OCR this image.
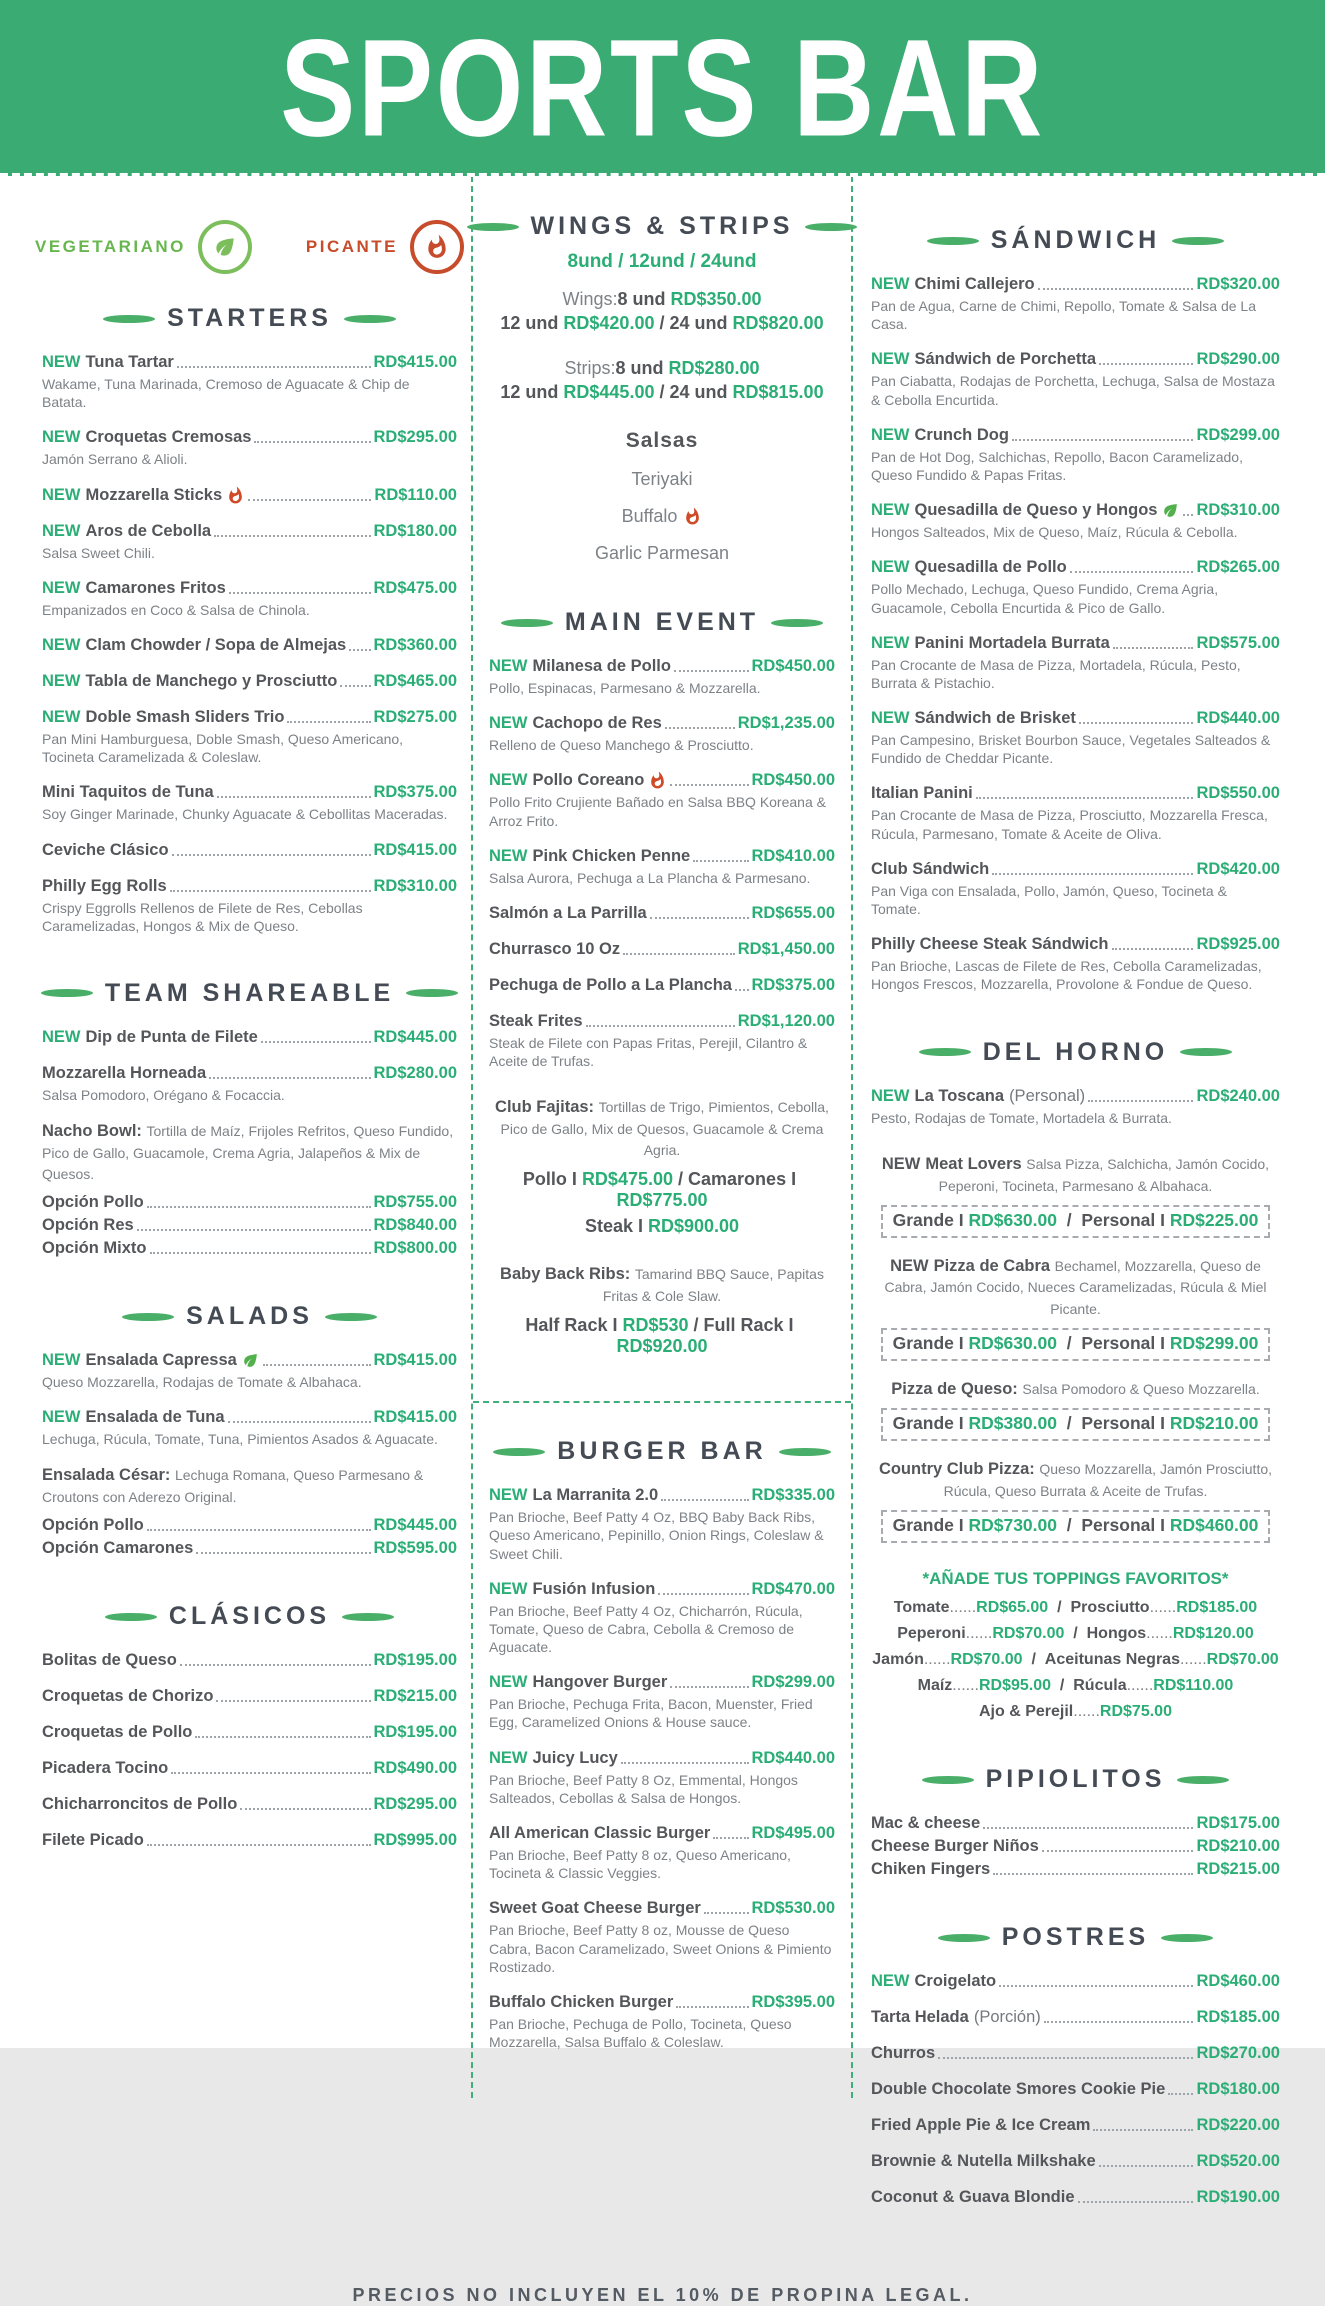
SPORTS BAR
VEGETARIANO	PICANTE
STARTERS
NEW Tuna Tartar	RD$415.00

Wakame, Tuna Marinada, Cremoso de Aguacate & Chip de Batata.

NEW Croquetas Cremosas	RD$295.00

Jamón Serrano & Alioli.

NEW Mozzarella Sticks	RD$110.00
NEW Aros de Cebolla	RD$180.00

Salsa Sweet Chili.

NEW Camarones Fritos	RD$475.00

Empanizados en Coco & Salsa de Chinola.

NEW Clam Chowder / Sopa de Almejas RD$360.00
NEW Tabla de Manchego y Prosciutto RD$465.00
NEW Doble Smash Sliders Trio	RD$275.00

Pan Mini Hamburguesa, Doble Smash, Queso Americano, Tocineta Caramelizada & Coleslaw.

Mini Taquitos de Tuna	RD$375.00

Soy Ginger Marinade, Chunky Aguacate & Cebollitas Maceradas.

Ceviche Clásico	RD$415.00
Philly Egg Rolls	RD$310.00

Crispy Eggrolls Rellenos de Filete de Res, Cebollas Caramelizadas, Hongos & Mix de Queso.

TEAM SHAREABLE
NEW Dip de Punta de Filete	RD$445.00
Mozzarella Horneada	RD$280.00

Salsa Pomodoro, Orégano & Focaccia.

Nacho Bowl: Tortilla de Maíz, Frijoles Refritos, Queso Fundido, Pico de Gallo, Guacamole, Crema Agria, Jalapeños & Mix de Quesos.

Opción Pollo	RD$755.00
Opción Res	RD$840.00
Opción Mixto	RD$800.00
SALADS
NEW Ensalada Capressa	RD$415.00

Queso Mozzarella, Rodajas de Tomate & Albahaca.

NEW Ensalada de Tuna	RD$415.00

Lechuga, Rúcula, Tomate, Tuna, Pimientos Asados & Aguacate.

Ensalada César: Lechuga Romana, Queso Parmesano & Croutons con Aderezo Original.

Opción Pollo	RD$445.00
Opción Camarones	RD$595.00
CLÁSICOS
Bolitas de Queso	RD$195.00
Croquetas de Chorizo	RD$215.00
Croquetas de Pollo	RD$195.00
Picadera Tocino	RD$490.00
Chicharroncitos de Pollo	RD$295.00
Filete Picado	RD$995.00
WINGS & STRIPS

8und / 12und / 24und

Wings: 8 und RD$350.00

12 und RD$420.00 / 24 und RD$820.00

Strips: 8 und RD$280.00

12 und RD$445.00 / 24 und RD$815.00

Salsas

Teriyaki

Buffalo

Garlic Parmesan

MAIN EVENT
NEW Milanesa de Pollo	RD$450.00

Pollo, Espinacas, Parmesano & Mozzarella.

NEW Cachopo de Res	RD$1,235.00

Relleno de Queso Manchego & Prosciutto.

NEW Pollo Coreano	RD$450.00

Pollo Frito Crujiente Bañado en Salsa BBQ Koreana & Arroz Frito.

NEW Pink Chicken Penne	RD$410.00

Salsa Aurora, Pechuga a La Plancha & Parmesano.

Salmón a La Parrilla	RD$655.00
Churrasco 10 Oz	RD$1,450.00
Pechuga de Pollo a La Plancha RD$375.00
Steak Frites	RD$1,120.00

Steak de Filete con Papas Fritas, Perejil, Cilantro & Aceite de Trufas.

Club Fajitas: Tortillas de Trigo, Pimientos, Cebolla, Pico de Gallo, Mix de Quesos, Guacamole & Crema Agria.

Pollo I RD$475.00 / Camarones I
RD$775.00

Steak I RD$900.00

Baby Back Ribs: Tamarind BBQ Sauce, Papitas Fritas & Cole Slaw.

Half Rack I RD$530 / Full Rack I
RD$920.00

BURGER BAR
NEW La Marranita 2.0	RD$335.00

Pan Brioche, Beef Patty 4 Oz, BBQ Baby Back Ribs, Queso Americano, Pepinillo, Onion Rings, Coleslaw & Sweet Chili.

NEW Fusión Infusion	RD$470.00

Pan Brioche, Beef Patty 4 Oz, Chicharrón, Rúcula, Tomate, Queso de Cabra, Cebolla & Cremoso de Aguacate.

NEW Hangover Burger	RD$299.00

Pan Brioche, Pechuga Frita, Bacon, Muenster, Fried Egg, Caramelized Onions & House sauce.

NEW Juicy Lucy	RD$440.00

Pan Brioche, Beef Patty 8 Oz, Emmental, Hongos Salteados, Cebollas & Salsa de Hongos.

All American Classic Burger RD$495.00

Pan Brioche, Beef Patty 8 oz, Queso Americano, Tocineta & Classic Veggies.

Sweet Goat Cheese Burger	RD$530.00

Pan Brioche, Beef Patty 8 oz, Mousse de Queso Cabra, Bacon Caramelizado, Sweet Onions & Pimiento Rostizado.

Buffalo Chicken Burger	RD$395.00

Pan Brioche, Pechuga de Pollo, Tocineta, Queso Mozzarella, Salsa Buffalo & Coleslaw.

SÁNDWICH
NEW Chimi Callejero	RD$320.00

Pan de Agua, Carne de Chimi, Repollo, Tomate & Salsa de La Casa.

NEW Sándwich de Porchetta	RD$290.00

Pan Ciabatta, Rodajas de Porchetta, Lechuga, Salsa de Mostaza & Cebolla Encurtida.

NEW Crunch Dog	RD$299.00

Pan de Hot Dog, Salchichas, Repollo, Bacon Caramelizado, Queso Fundido & Papas Fritas.

NEW Quesadilla de Queso y Hongos	RD$310.00

Hongos Salteados, Mix de Queso, Maíz, Rúcula & Cebolla.

NEW Quesadilla de Pollo	RD$265.00

Pollo Mechado, Lechuga, Queso Fundido, Crema Agria, Guacamole, Cebolla Encurtida & Pico de Gallo.

NEW Panini Mortadela Burrata	RD$575.00

Pan Crocante de Masa de Pizza, Mortadela, Rúcula, Pesto, Burrata & Pistachio.

NEW Sándwich de Brisket	RD$440.00

Pan Campesino, Brisket Bourbon Sauce, Vegetales Salteados & Fundido de Cheddar Picante.

Italian Panini	RD$550.00

Pan Crocante de Masa de Pizza, Prosciutto, Mozzarella Fresca, Rúcula, Parmesano, Tomate & Aceite de Oliva.

Club Sándwich	RD$420.00

Pan Viga con Ensalada, Pollo, Jamón, Queso, Tocineta & Tomate.

Philly Cheese Steak Sándwich	RD$925.00

Pan Brioche, Lascas de Filete de Res, Cebolla Caramelizadas, Hongos Frescos, Mozzarella, Provolone & Fondue de Queso.

DEL HORNO
NEW La Toscana (Personal)	RD$240.00

Pesto, Rodajas de Tomate, Mortadela & Burrata.

NEW Meat Lovers Salsa Pizza, Salchicha, Jamón Cocido, Peperoni, Tocineta, Parmesano & Albahaca.

Grande I RD$630.00  /  Personal I RD$225.00

NEW Pizza de Cabra Bechamel, Mozzarella, Queso de Cabra, Jamón Cocido, Nueces Caramelizadas, Rúcula & Miel Picante.

Grande I RD$630.00  /  Personal I RD$299.00

Pizza de Queso: Salsa Pomodoro & Queso Mozzarella.

Grande I RD$380.00  /  Personal I RD$210.00

Country Club Pizza: Queso Mozzarella, Jamón Prosciutto, Rúcula, Queso Burrata & Aceite de Trufas.

Grande I RD$730.00  /  Personal I RD$460.00

*AÑADE TUS TOPPINGS FAVORITOS*

Tomate ...... RD$65.00 / Prosciutto ...... RD$185.00

Peperoni ...... RD$70.00 / Hongos ...... RD$120.00

Jamón ...... RD$70.00 / Aceitunas Negras ...... RD$70.00

Maíz ...... RD$95.00 / Rúcula ...... RD$110.00

Ajo & Perejil ...... RD$75.00

PIPIOLITOS
Mac & cheese	RD$175.00
Cheese Burger Niños	RD$210.00
Chiken Fingers	RD$215.00
POSTRES
NEW Croigelato	RD$460.00
Tarta Helada (Porción)	RD$185.00
Churros	RD$270.00
Double Chocolate Smores Cookie Pie RD$180.00
Fried Apple Pie & Ice Cream	RD$220.00
Brownie & Nutella Milkshake	RD$520.00
Coconut & Guava Blondie	RD$190.00
PRECIOS NO INCLUYEN EL 10% DE PROPINA LEGAL.
